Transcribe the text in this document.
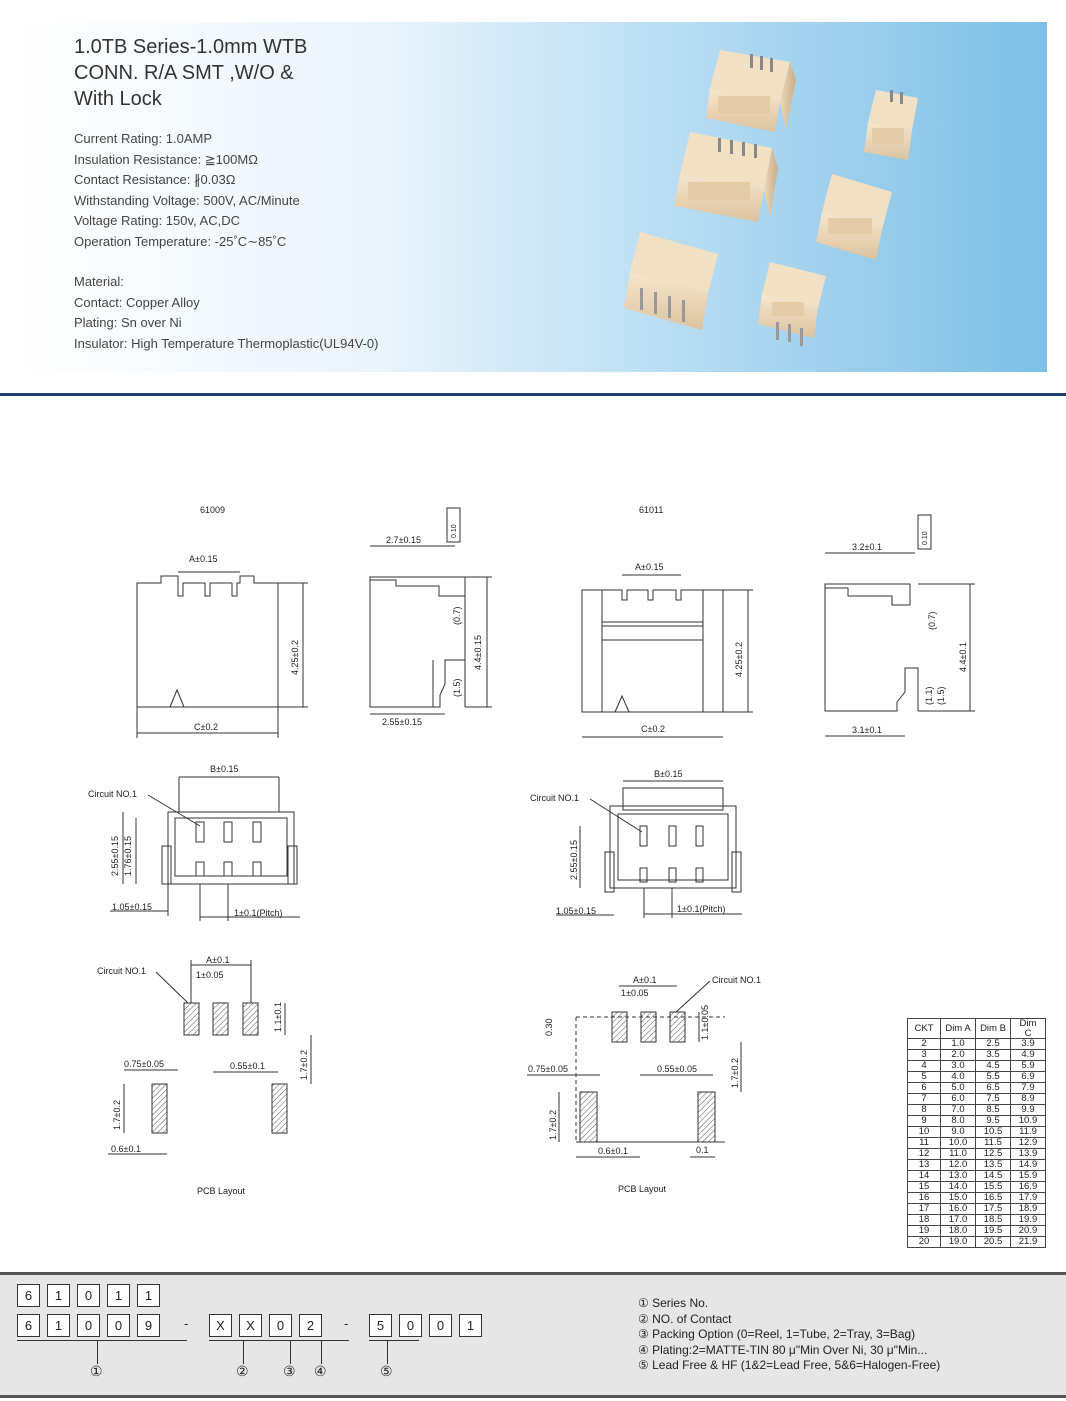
1.0TB Series-1.0mm WTB
CONN. R/A SMT ,W/O &
With Lock
Current Rating: 1.0AMP
Insulation Resistance: ≧100MΩ
Contact Resistance: ∦0.03Ω
Withstanding Voltage: 500V, AC/Minute
Voltage Rating: 150v, AC,DC
Operation Temperature: -25˚C∼85˚C
Material:
Contact: Copper Alloy
Plating: Sn over Ni
Insulator: High Temperature Thermoplastic(UL94V-0)
61009
A±0.15
C±0.2
4.25±0.2
0.10
2.7±0.15
2.55±0.15
(0.7)
(1.5)
4.4±0.15
61011
A±0.15
C±0.2
4.25±0.2
0.10
3.2±0.1
3.1±0.1
(0.7)
(1.1) (1.5)
4.4±0.1
B±0.15
Circuit NO.1
2.55±0.15 1.76±0.15
1.05±0.15
1±0.1(Pitch)
B±0.15
Circuit NO.1
2.55±0.15
1.05±0.15	1±0.1(Pitch)
A±0.1
1±0.05
Circuit NO.1
1.1±0.1
0.75±0.05	0.55±0.1	1.7±0.2
1.7±0.2
0.6±0.1
PCB Layout
A±0.1
1±0.05
Circuit NO.1
0.30	1.1±0.05
0.75±0.05	0.55±0.05	1.7±0.2
1.7±0.2
0.6±0.1	0.1
PCB Layout
CKT	Dim A	Dim B	Dim C
2	1.0	2.5	3.9
3	2.0	3.5	4.9
4	3.0	4.5	5.9
5	4.0	5.5	6.9
6	5.0	6.5	7.9
7	6.0	7.5	8.9
8	7.0	8.5	9.9
9	8.0	9.5	10.9
10	9.0	10.5	11.9
11	10.0	11.5	12.9
12	11.0	12.5	13.9
13	12.0	13.5	14.9
14	13.0	14.5	15.9
15	14.0	15.5	16.9
16	15.0	16.5	17.9
17	16.0	17.5	18.9
18	17.0	18.5	19.9
19	18.0	19.5	20.9
20	19.0	20.5	21.9
6	1	0	1	1
6	1	0	0	9	-	X	X	0	2	-	5	0	0	1
①	② ③ ④	⑤
① Series No.
② NO. of Contact
③ Packing Option (0=Reel, 1=Tube, 2=Tray, 3=Bag)
④ Plating:2=MATTE-TIN 80 μ"Min Over Ni, 30 μ"Min...
⑤ Lead Free & HF (1&2=Lead Free, 5&6=Halogen-Free)
